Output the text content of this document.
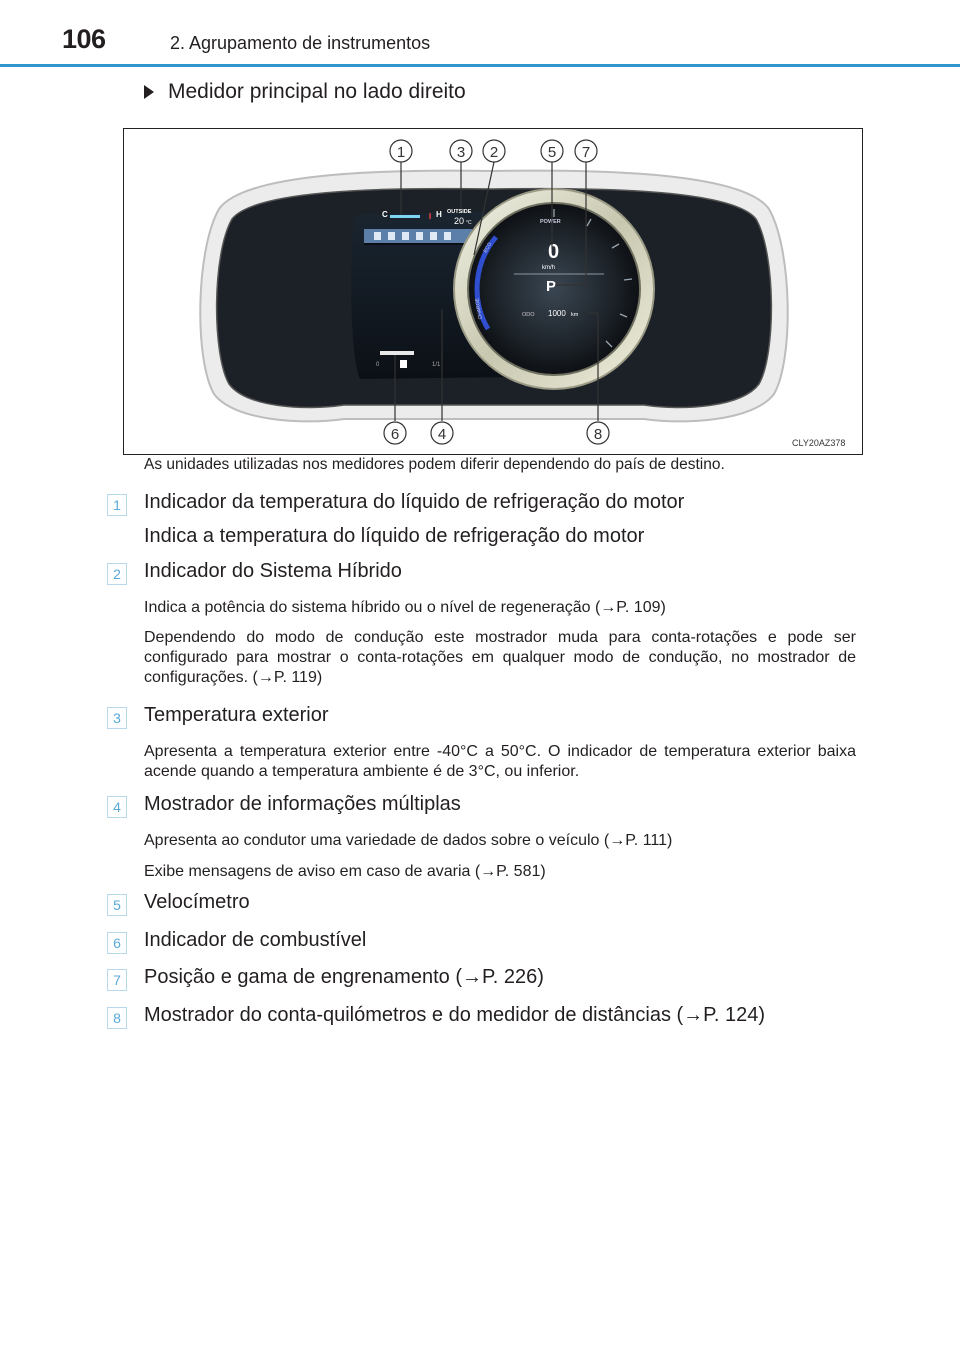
106	2. Agrupamento de instrumentos
Medidor principal no lado direito
C	H OUTSIDE
20 °C
0	1/1
POWER
ECO
CHARGE
0
km/h
P
ODO 1000 km
1	3 2	5 7
6	4	8	CLY20AZ378
As unidades utilizadas nos medidores podem diferir dependendo do país de destino.
1	Indicador da temperatura do líquido de refrigeração do motor
Indica a temperatura do líquido de refrigeração do motor
2	Indicador do Sistema Híbrido
Indica a potência do sistema híbrido ou o nível de regeneração (→P. 109)
Dependendo do modo de condução este mostrador muda para conta-rotações e pode ser configurado para mostrar o conta-rotações em qualquer modo de condução, no mostrador de configurações. (→P. 119)
3	Temperatura exterior
Apresenta a temperatura exterior entre -40°C a 50°C. O indicador de temperatura exterior baixa acende quando a temperatura ambiente é de 3°C, ou inferior.
4	Mostrador de informações múltiplas
Apresenta ao condutor uma variedade de dados sobre o veículo (→P. 111)
Exibe mensagens de aviso em caso de avaria (→P. 581)
5	Velocímetro
6	Indicador de combustível
7	Posição e gama de engrenamento (→P. 226)
8	Mostrador do conta-quilómetros e do medidor de distâncias (→P. 124)
